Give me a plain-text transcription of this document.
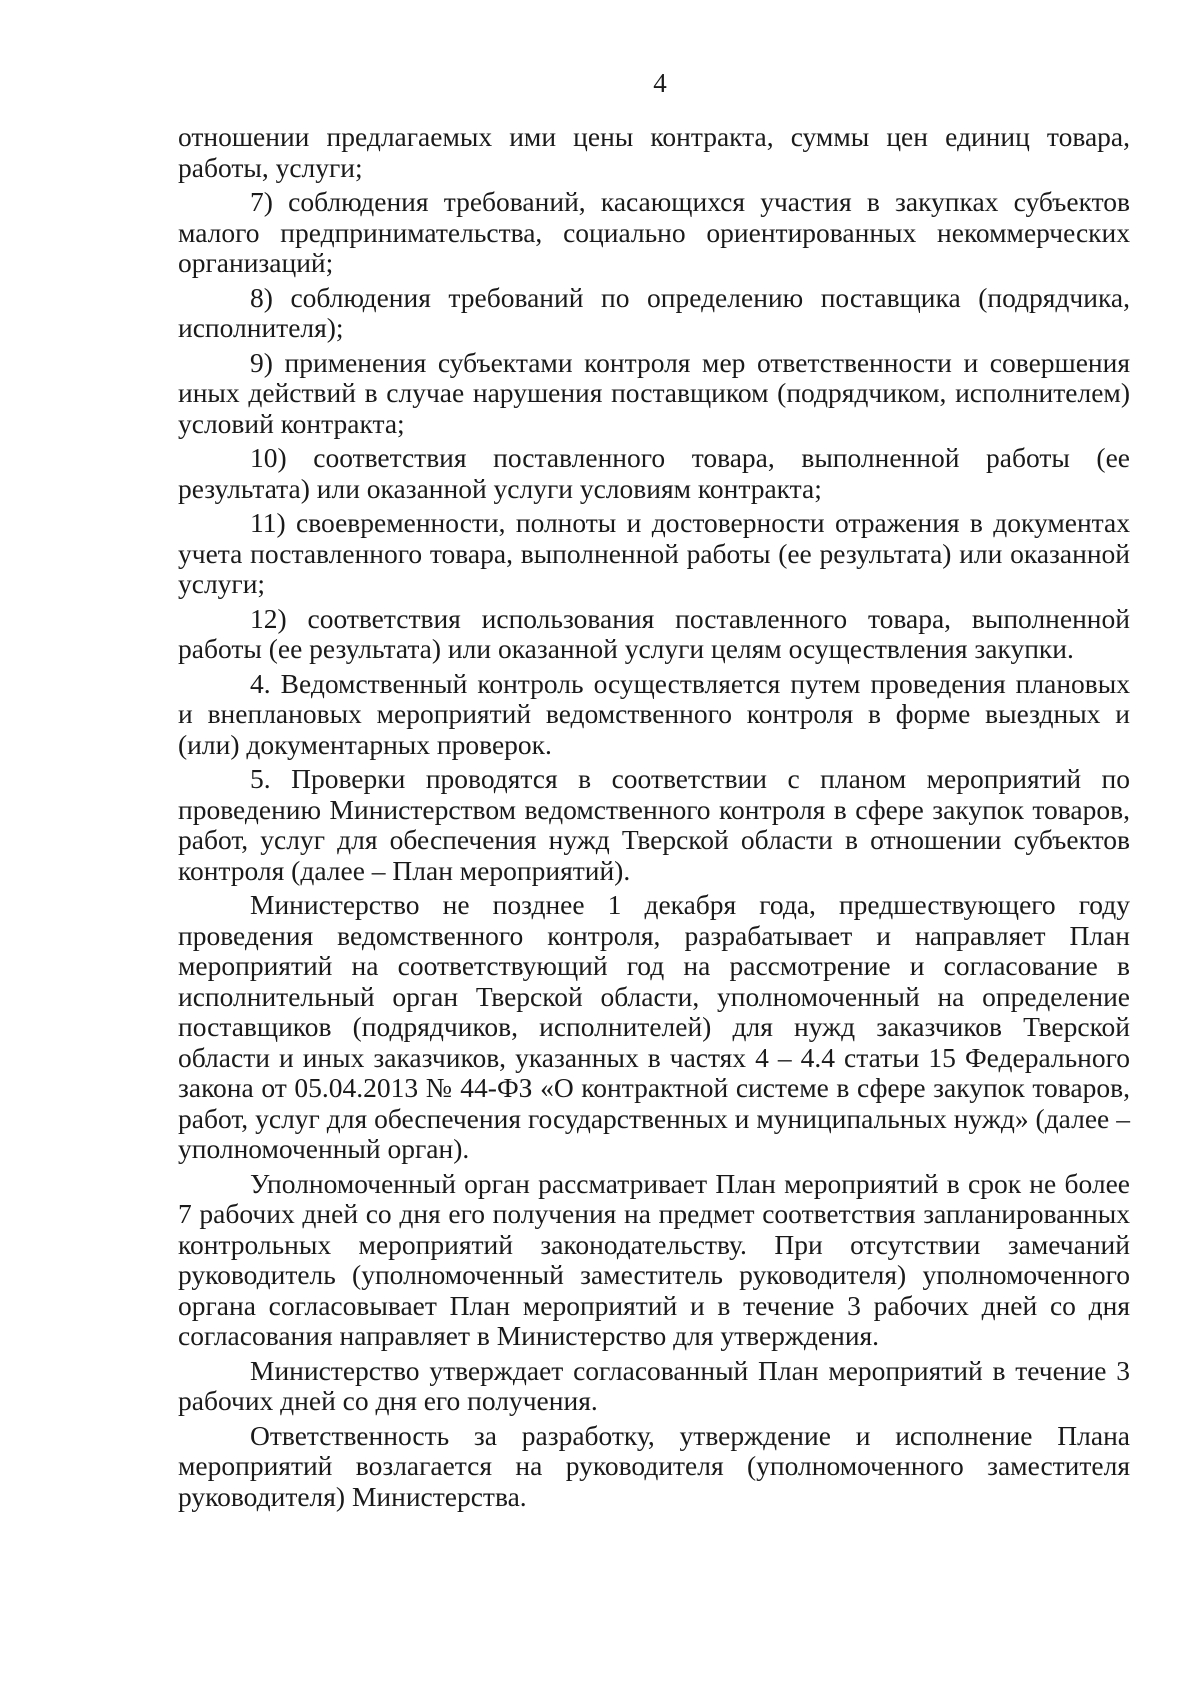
4

отношении предлагаемых ими цены контракта, суммы цен единиц товара, работы, услуги;

7) соблюдения требований, касающихся участия в закупках субъектов малого предпринимательства, социально ориентированных некоммерческих организаций;

8) соблюдения требований по определению поставщика (подрядчика, исполнителя);

9) применения субъектами контроля мер ответственности и совершения иных действий в случае нарушения поставщиком (подрядчиком, исполнителем) условий контракта;

10) соответствия поставленного товара, выполненной работы (ее результата) или оказанной услуги условиям контракта;

11) своевременности, полноты и достоверности отражения в документах учета поставленного товара, выполненной работы (ее результата) или оказанной услуги;

12) соответствия использования поставленного товара, выполненной работы (ее результата) или оказанной услуги целям осуществления закупки.

4. Ведомственный контроль осуществляется путем проведения плановых и внеплановых мероприятий ведомственного контроля в форме выездных и (или) документарных проверок.

5. Проверки проводятся в соответствии с планом мероприятий по проведению Министерством ведомственного контроля в сфере закупок товаров, работ, услуг для обеспечения нужд Тверской области в отношении субъектов контроля (далее – План мероприятий).

Министерство не позднее 1 декабря года, предшествующего году проведения ведомственного контроля, разрабатывает и направляет План мероприятий на соответствующий год на рассмотрение и согласование в исполнительный орган Тверской области, уполномоченный на определение поставщиков (подрядчиков, исполнителей) для нужд заказчиков Тверской области и иных заказчиков, указанных в частях 4 – 4.4 статьи 15 Федерального закона от 05.04.2013 № 44-ФЗ «О контрактной системе в сфере закупок товаров, работ, услуг для обеспечения государственных и муниципальных нужд» (далее – уполномоченный орган).

Уполномоченный орган рассматривает План мероприятий в срок не более 7 рабочих дней со дня его получения на предмет соответствия запланированных контрольных мероприятий законодательству. При отсутствии замечаний руководитель (уполномоченный заместитель руководителя) уполномоченного органа согласовывает План мероприятий и в течение 3 рабочих дней со дня согласования направляет в Министерство для утверждения.

Министерство утверждает согласованный План мероприятий в течение 3 рабочих дней со дня его получения.

Ответственность за разработку, утверждение и исполнение Плана мероприятий возлагается на руководителя (уполномоченного заместителя руководителя) Министерства.
